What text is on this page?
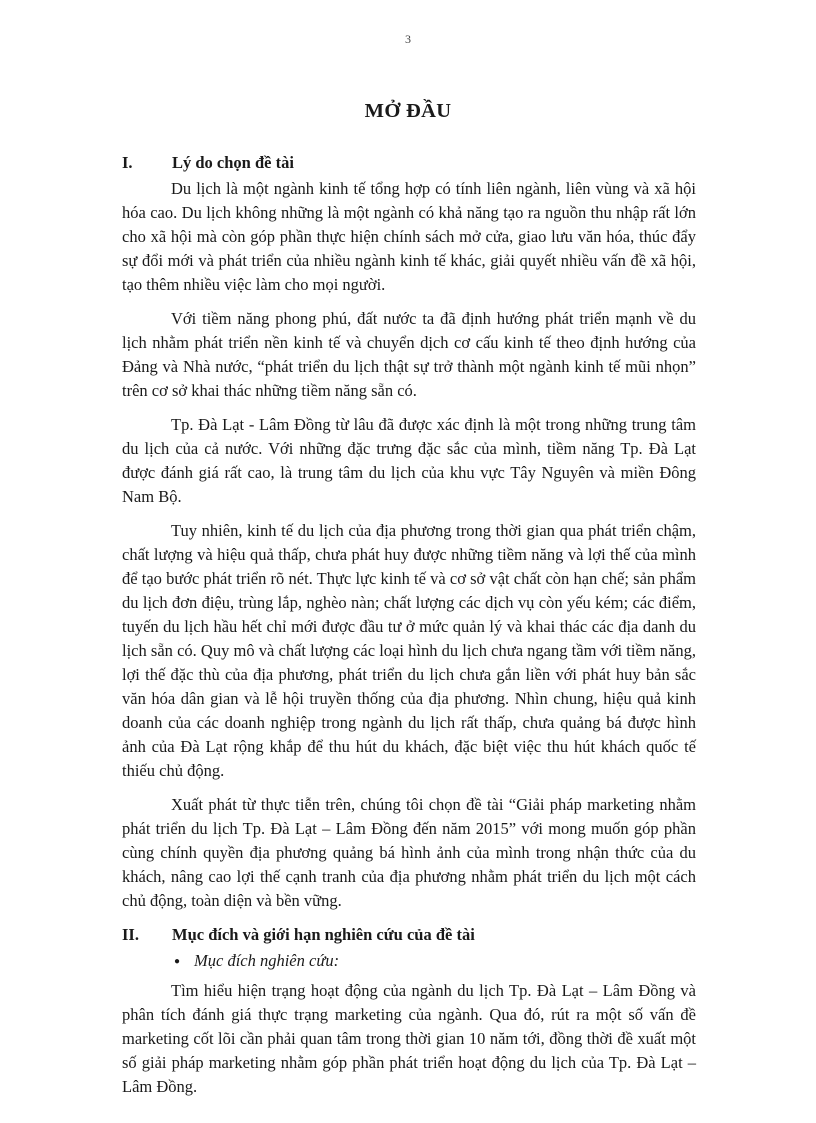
3
MỞ ĐẦU
I.	Lý do chọn đề tài

Du lịch là một ngành kinh tế tổng hợp có tính liên ngành, liên vùng và xã hội hóa cao. Du lịch không những là một ngành có khả năng tạo ra nguồn thu nhập rất lớn cho xã hội mà còn góp phần thực hiện chính sách mở cửa, giao lưu văn hóa, thúc đẩy sự đổi mới và phát triển của nhiều ngành kinh tế khác, giải quyết nhiều vấn đề xã hội, tạo thêm nhiều việc làm cho mọi người.

Với tiềm năng phong phú, đất nước ta đã định hướng phát triển mạnh về du lịch nhằm phát triển nền kinh tế và chuyển dịch cơ cấu kinh tế theo định hướng của Đảng và Nhà nước, “phát triển du lịch thật sự trở thành một ngành kinh tế mũi nhọn” trên cơ sở khai thác những tiềm năng sẵn có.

Tp. Đà Lạt - Lâm Đồng từ lâu đã được xác định là một trong những trung tâm du lịch của cả nước. Với những đặc trưng đặc sắc của mình, tiềm năng Tp. Đà Lạt được đánh giá rất cao, là trung tâm du lịch của khu vực Tây Nguyên và miền Đông Nam Bộ.

Tuy nhiên, kinh tế du lịch của địa phương trong thời gian qua phát triển chậm, chất lượng và hiệu quả thấp, chưa phát huy được những tiềm năng và lợi thế của mình để tạo bước phát triển rõ nét. Thực lực kinh tế và cơ sở vật chất còn hạn chế; sản phẩm du lịch đơn điệu, trùng lắp, nghèo nàn; chất lượng các dịch vụ còn yếu kém; các điểm, tuyến du lịch hầu hết chỉ mới được đầu tư ở mức quản lý và khai thác các địa danh du lịch sẵn có. Quy mô và chất lượng các loại hình du lịch chưa ngang tầm với tiềm năng, lợi thế đặc thù của địa phương, phát triển du lịch chưa gắn liền với phát huy bản sắc văn hóa dân gian và lễ hội truyền thống của địa phương. Nhìn chung, hiệu quả kinh doanh của các doanh nghiệp trong ngành du lịch rất thấp, chưa quảng bá được hình ảnh của Đà Lạt rộng khắp để thu hút du khách, đặc biệt việc thu hút khách quốc tế thiếu chủ động.

Xuất phát từ thực tiễn trên, chúng tôi chọn đề tài “Giải pháp marketing nhằm phát triển du lịch Tp. Đà Lạt – Lâm Đồng đến năm 2015” với mong muốn góp phần cùng chính quyền địa phương quảng bá hình ảnh của mình trong nhận thức của du khách, nâng cao lợi thế cạnh tranh của địa phương nhằm phát triển du lịch một cách chủ động, toàn diện và bền vững.

II.	Mục đích và giới hạn nghiên cứu của đề tài
● Mục đích nghiên cứu:

Tìm hiểu hiện trạng hoạt động của ngành du lịch Tp. Đà Lạt – Lâm Đồng và phân tích đánh giá thực trạng marketing của ngành. Qua đó, rút ra một số vấn đề marketing cốt lõi cần phải quan tâm trong thời gian 10 năm tới, đồng thời đề xuất một số giải pháp marketing nhằm góp phần phát triển hoạt động du lịch của Tp. Đà Lạt – Lâm Đồng.
